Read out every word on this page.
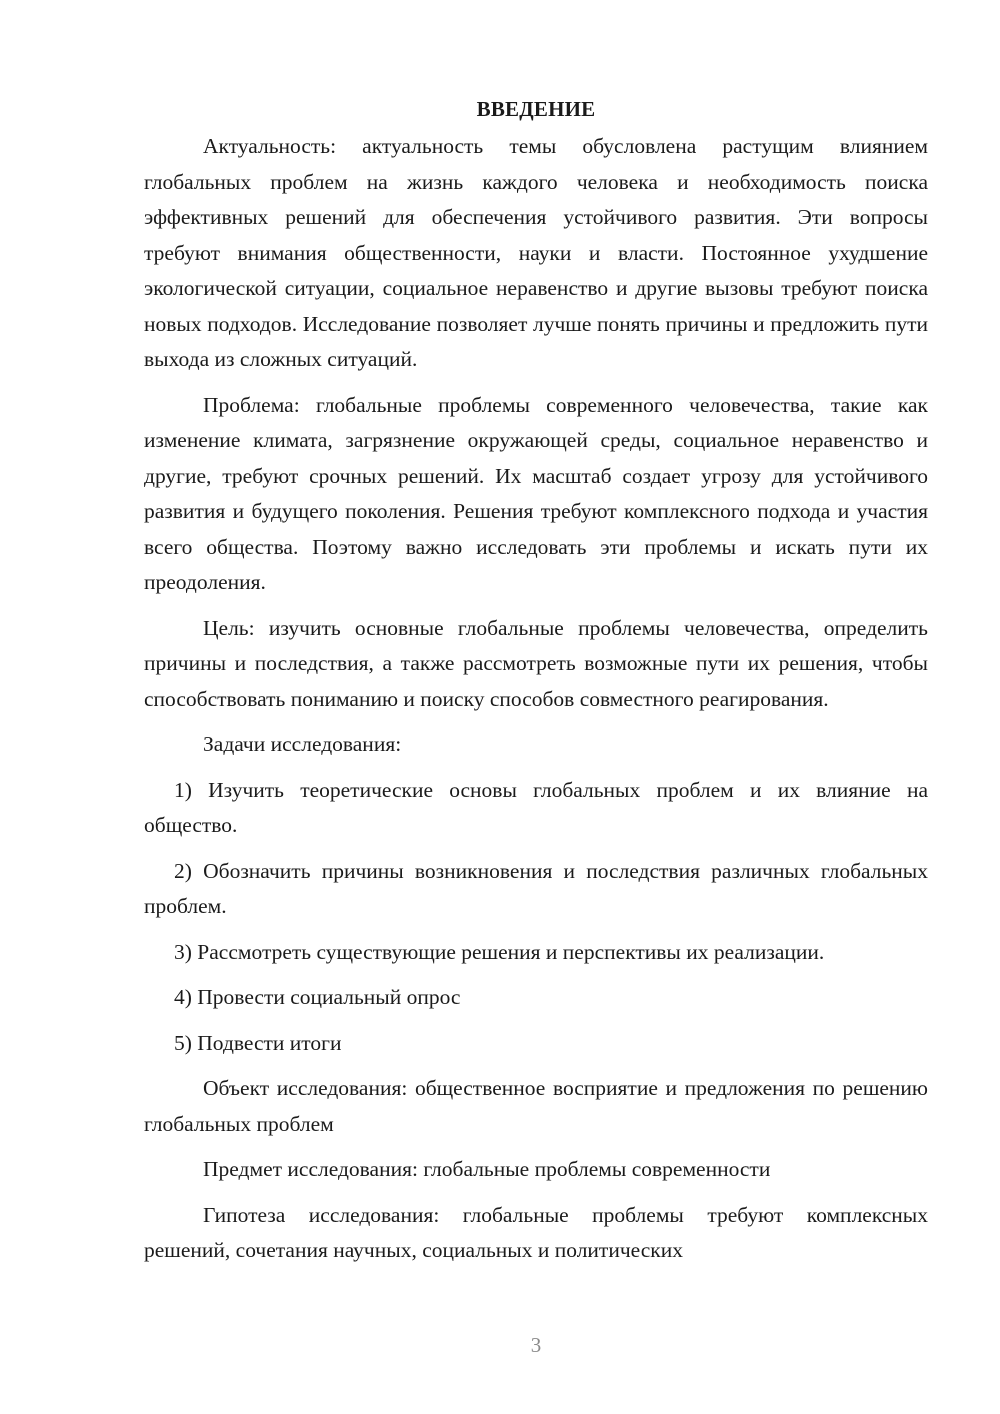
ВВЕДЕНИЕ

Актуальность: актуальность темы обусловлена растущим влиянием глобальных проблем на жизнь каждого человека и необходимость поиска эффективных решений для обеспечения устойчивого развития. Эти вопросы требуют внимания общественности, науки и власти. Постоянное ухудшение экологической ситуации, социальное неравенство и другие вызовы требуют поиска новых подходов. Исследование позволяет лучше понять причины и предложить пути выхода из сложных ситуаций.

Проблема: глобальные проблемы современного человечества, такие как изменение климата, загрязнение окружающей среды, социальное неравенство и другие, требуют срочных решений. Их масштаб создает угрозу для устойчивого развития и будущего поколения. Решения требуют комплексного подхода и участия всего общества. Поэтому важно исследовать эти проблемы и искать пути их преодоления.

Цель: изучить основные глобальные проблемы человечества, определить причины и последствия, а также рассмотреть возможные пути их решения, чтобы способствовать пониманию и поиску способов совместного реагирования.

Задачи исследования:

1) Изучить теоретические основы глобальных проблем и их влияние на общество.

2) Обозначить причины возникновения и последствия различных глобальных проблем.

3) Рассмотреть существующие решения и перспективы их реализации.

4) Провести социальный опрос

5) Подвести итоги

Объект исследования: общественное восприятие и предложения по решению глобальных проблем

Предмет исследования: глобальные проблемы современности

Гипотеза исследования: глобальные проблемы требуют комплексных решений, сочетания научных, социальных и политических

3
